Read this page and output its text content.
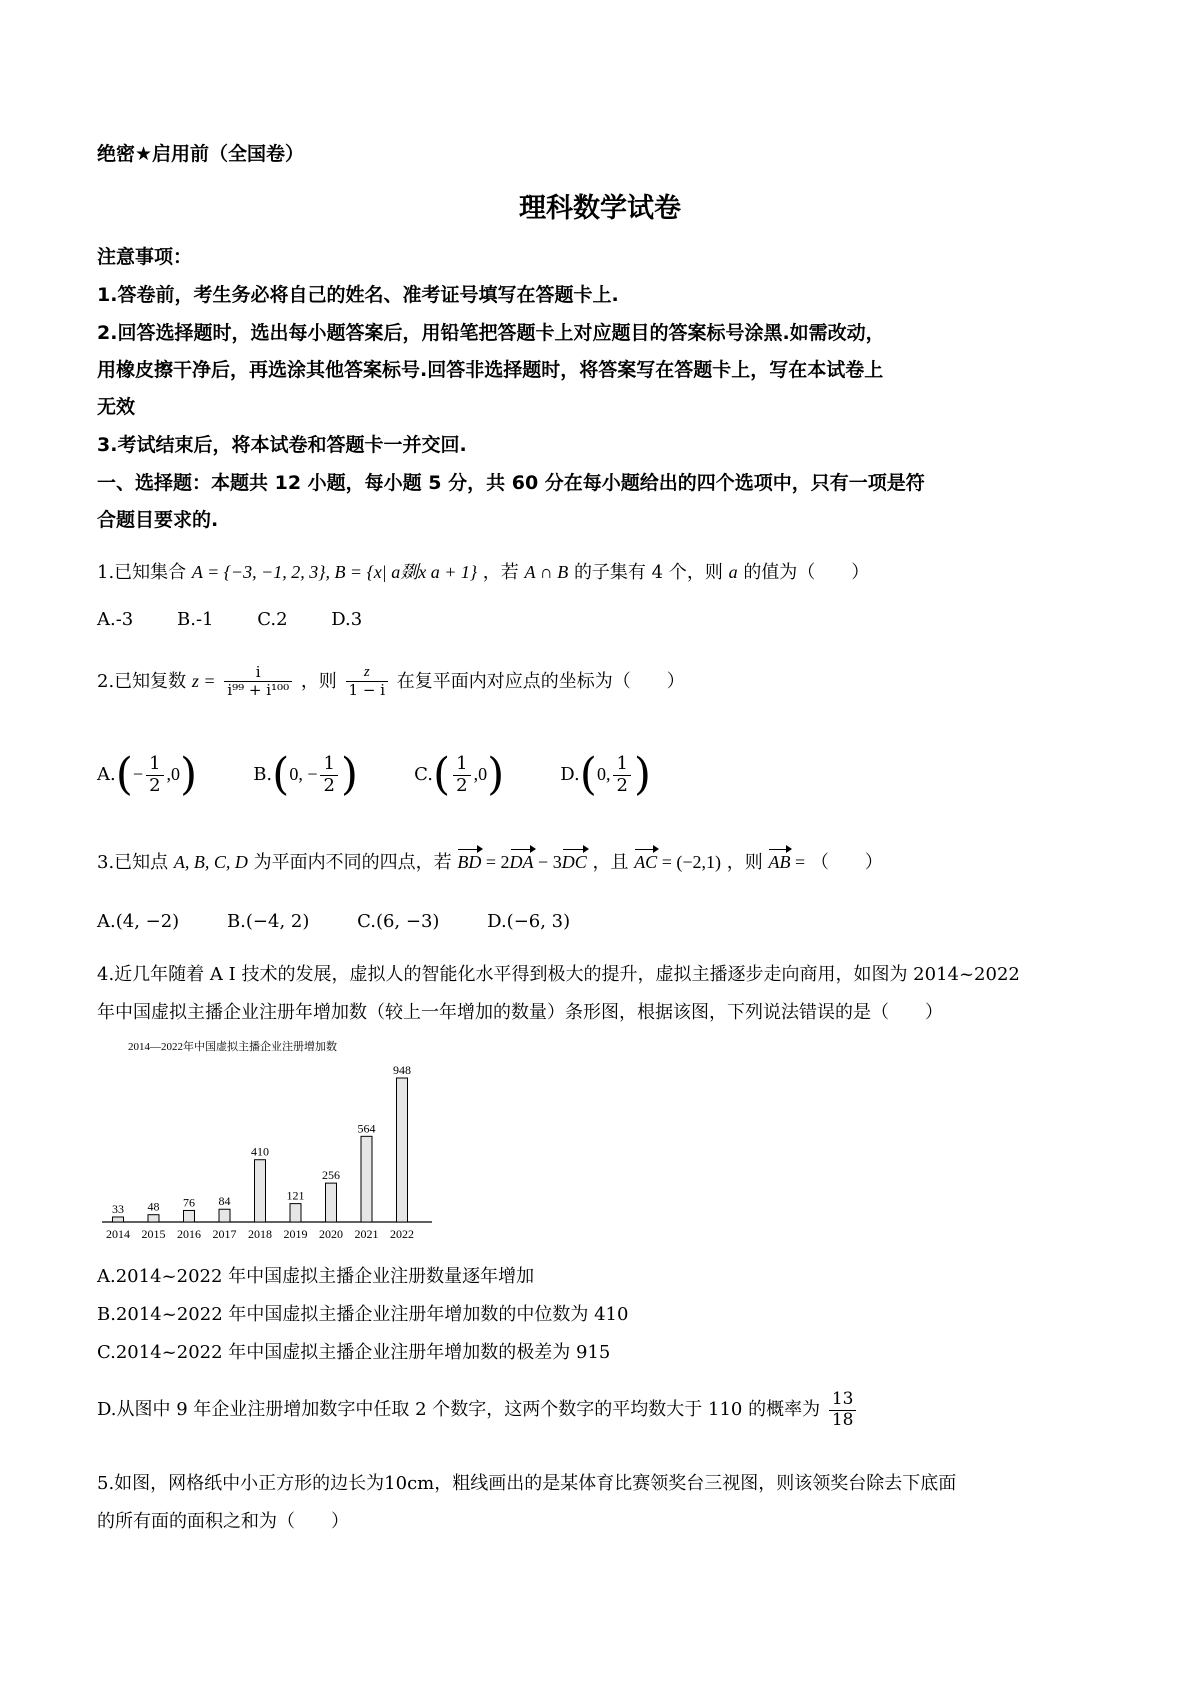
绝密★启用前（全国卷）
理科数学试卷
注意事项：
1.答卷前，考生务必将自己的姓名、准考证号填写在答题卡上.
2.回答选择题时，选出每小题答案后，用铅笔把答题卡上对应题目的答案标号涂黑.如需改动，
用橡皮擦干净后，再选涂其他答案标号.回答非选择题时，将答案写在答题卡上，写在本试卷上
无效
3.考试结束后，将本试卷和答题卡一并交回.
一、选择题：本题共 12 小题，每小题 5 分，共 60 分在每小题给出的四个选项中，只有一项是符
合题目要求的.
1.已知集合 A = {−3, −1, 2, 3}, B = {x| a剟x a + 1} ，若 A ∩ B 的子集有 4 个，则 a 的值为（　　）
A.-3 B.-1 C.2 D.3
2.已知复数 $z = \frac{i}{\text{i⁹⁹ + i¹⁰⁰}}$ ，则 $\frac{z}{1 - i}$ 在复平面内对应点的坐标为（　　）
$A.(- \frac{1}{2} ,0)$	B.(0, − $\frac{1}{2}$ )	$C.( \frac{1}{2} ,0)$	D.(0, $\frac{1}{2}$ )
3.已知点 A, B, C, D 为平面内不同的四点，若 BD = 2DA − 3DC ，且 AC = (−2,1) ，则 AB = （　　）
A.(4, −2)	B.(−4, 2)	C.(6, −3)	D.(−6, 3)
4.近几年随着 A I 技术的发展，虚拟人的智能化水平得到极大的提升，虚拟主播逐步走向商用，如图为 2014~2022
年中国虚拟主播企业注册年增加数（较上一年增加的数量）条形图，根据该图，下列说法错误的是（　　）
2014—2022年中国虚拟主播企业注册增加数
33
2014
48
2015
76
2016
84
2017
410
2018
121
2019
256
2020
564
2021
948
2022
A.2014~2022 年中国虚拟主播企业注册数量逐年增加
B.2014~2022 年中国虚拟主播企业注册年增加数的中位数为 410
C.2014~2022 年中国虚拟主播企业注册年增加数的极差为 915
D.从图中 9 年企业注册增加数字中任取 2 个数字，这两个数字的平均数大于 110 的概率为 $\frac{13}{18}$
5.如图，网格纸中小正方形的边长为10cm，粗线画出的是某体育比赛领奖台三视图，则该领奖台除去下底面
的所有面的面积之和为（　　）
